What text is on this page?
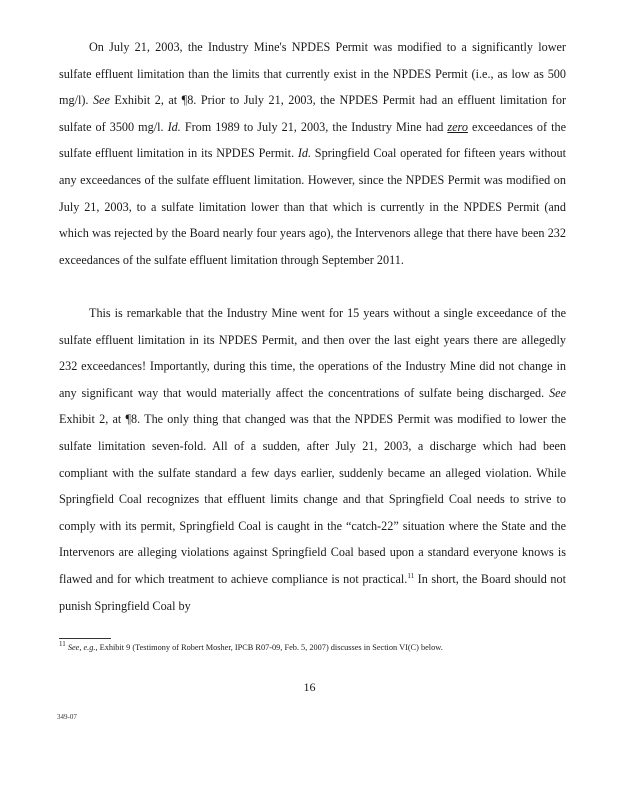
On July 21, 2003, the Industry Mine's NPDES Permit was modified to a significantly lower sulfate effluent limitation than the limits that currently exist in the NPDES Permit (i.e., as low as 500 mg/l). See Exhibit 2, at ¶8. Prior to July 21, 2003, the NPDES Permit had an effluent limitation for sulfate of 3500 mg/l. Id. From 1989 to July 21, 2003, the Industry Mine had zero exceedances of the sulfate effluent limitation in its NPDES Permit. Id. Springfield Coal operated for fifteen years without any exceedances of the sulfate effluent limitation. However, since the NPDES Permit was modified on July 21, 2003, to a sulfate limitation lower than that which is currently in the NPDES Permit (and which was rejected by the Board nearly four years ago), the Intervenors allege that there have been 232 exceedances of the sulfate effluent limitation through September 2011.

This is remarkable that the Industry Mine went for 15 years without a single exceedance of the sulfate effluent limitation in its NPDES Permit, and then over the last eight years there are allegedly 232 exceedances! Importantly, during this time, the operations of the Industry Mine did not change in any significant way that would materially affect the concentrations of sulfate being discharged. See Exhibit 2, at ¶8. The only thing that changed was that the NPDES Permit was modified to lower the sulfate limitation seven-fold. All of a sudden, after July 21, 2003, a discharge which had been compliant with the sulfate standard a few days earlier, suddenly became an alleged violation. While Springfield Coal recognizes that effluent limits change and that Springfield Coal needs to strive to comply with its permit, Springfield Coal is caught in the “catch-22” situation where the State and the Intervenors are alleging violations against Springfield Coal based upon a standard everyone knows is flawed and for which treatment to achieve compliance is not practical.$^{11}$ In short, the Board should not punish Springfield Coal by

$^{11}$ See, e.g., Exhibit 9 (Testimony of Robert Mosher, IPCB R07-09, Feb. 5, 2007) discusses in Section VI(C) below.

16
349-07
